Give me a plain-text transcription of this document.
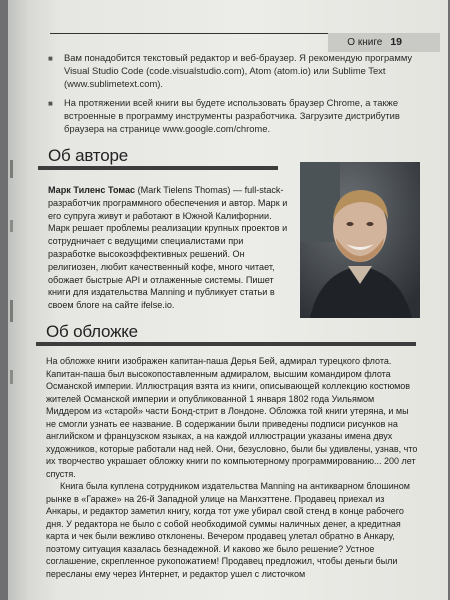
О книге 19
■	Вам понадобится текстовый редактор и веб-браузер. Я рекомендую программу Visual Studio Code (code.visualstudio.com), Atom (atom.io) или Sublime Text (www.sublimetext.com).
■	На протяжении всей книги вы будете использовать браузер Chrome, а также встроенные в программу инструменты разработчика. Загрузите дистрибутив браузера на странице www.google.com/chrome.
Об авторе

Марк Тиленс Томас (Mark Tielens Thomas) — full-stack-разработчик программного обеспечения и автор. Марк и его супруга живут и работают в Южной Калифорнии. Марк решает проблемы реализации крупных проектов и сотрудничает с ведущими специалистами при разработке высокоэффективных решений. Он религиозен, любит качественный кофе, много читает, обожает быстрые API и отлаженные системы. Пишет книги для издательства Manning и публикует статьи в своем блоге на сайте ifelse.io.

Об обложке

На обложке книги изображен капитан-паша Дерья Бей, адмирал турецкого флота. Капитан-паша был высокопоставленным адмиралом, высшим командиром флота Османской империи. Иллюстрация взята из книги, описывающей коллекцию костюмов жителей Османской империи и опубликованной 1 января 1802 года Уильямом Миддером из «старой» части Бонд-стрит в Лондоне. Обложка той книги утеряна, и мы не смогли узнать ее название. В содержании были приведены подписи рисунков на английском и французском языках, а на каждой иллюстрации указаны имена двух художников, которые работали над ней. Они, безусловно, были бы удивлены, узнав, что их творчество украшает обложку книги по компьютерному программированию... 200 лет спустя.

Книга была куплена сотрудником издательства Manning на антикварном блошином рынке в «Гараже» на 26-й Западной улице на Манхэттене. Продавец приехал из Анкары, и редактор заметил книгу, когда тот уже убирал свой стенд в конце рабочего дня. У редактора не было с собой необходимой суммы наличных денег, а кредитная карта и чек были вежливо отклонены. Вечером продавец улетал обратно в Анкару, поэтому ситуация казалась безнадежной. И каково же было решение? Устное соглашение, скрепленное рукопожатием! Продавец предложил, чтобы деньги были пересланы ему через Интернет, и редактор ушел с листочком
